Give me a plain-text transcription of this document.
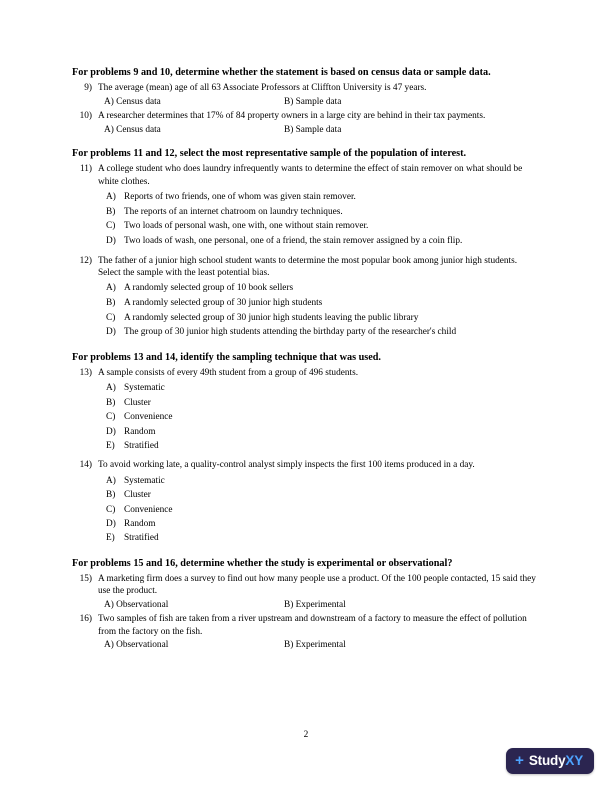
For problems 9 and 10, determine whether the statement is based on census data or sample data.
9) The average (mean) age of all 63 Associate Professors at Cliffton University is 47 years.
A) Census data	B) Sample data
10) A researcher determines that 17% of 84 property owners in a large city are behind in their tax payments.
A) Census data	B) Sample data
For problems 11 and 12, select the most representative sample of the population of interest.
11) A college student who does laundry infrequently wants to determine the effect of stain remover on what should be white clothes.
A) Reports of two friends, one of whom was given stain remover.
B) The reports of an internet chatroom on laundry techniques.
C) Two loads of personal wash, one with, one without stain remover.
D) Two loads of wash, one personal, one of a friend, the stain remover assigned by a coin flip.
12) The father of a junior high school student wants to determine the most popular book among junior high students. Select the sample with the least potential bias.
A) A randomly selected group of 10 book sellers
B) A randomly selected group of 30 junior high students
C) A randomly selected group of 30 junior high students leaving the public library
D) The group of 30 junior high students attending the birthday party of the researcher's child
For problems 13 and 14, identify the sampling technique that was used.
13) A sample consists of every 49th student from a group of 496 students.
A) Systematic
B) Cluster
C) Convenience
D) Random
E) Stratified
14) To avoid working late, a quality-control analyst simply inspects the first 100 items produced in a day.
A) Systematic
B) Cluster
C) Convenience
D) Random
E) Stratified
For problems 15 and 16, determine whether the study is experimental or observational?
15) A marketing firm does a survey to find out how many people use a product. Of the 100 people contacted, 15 said they use the product.
A) Observational	B) Experimental
16) Two samples of fish are taken from a river upstream and downstream of a factory to measure the effect of pollution from the factory on the fish.
A) Observational	B) Experimental
2
+ StudyXY
